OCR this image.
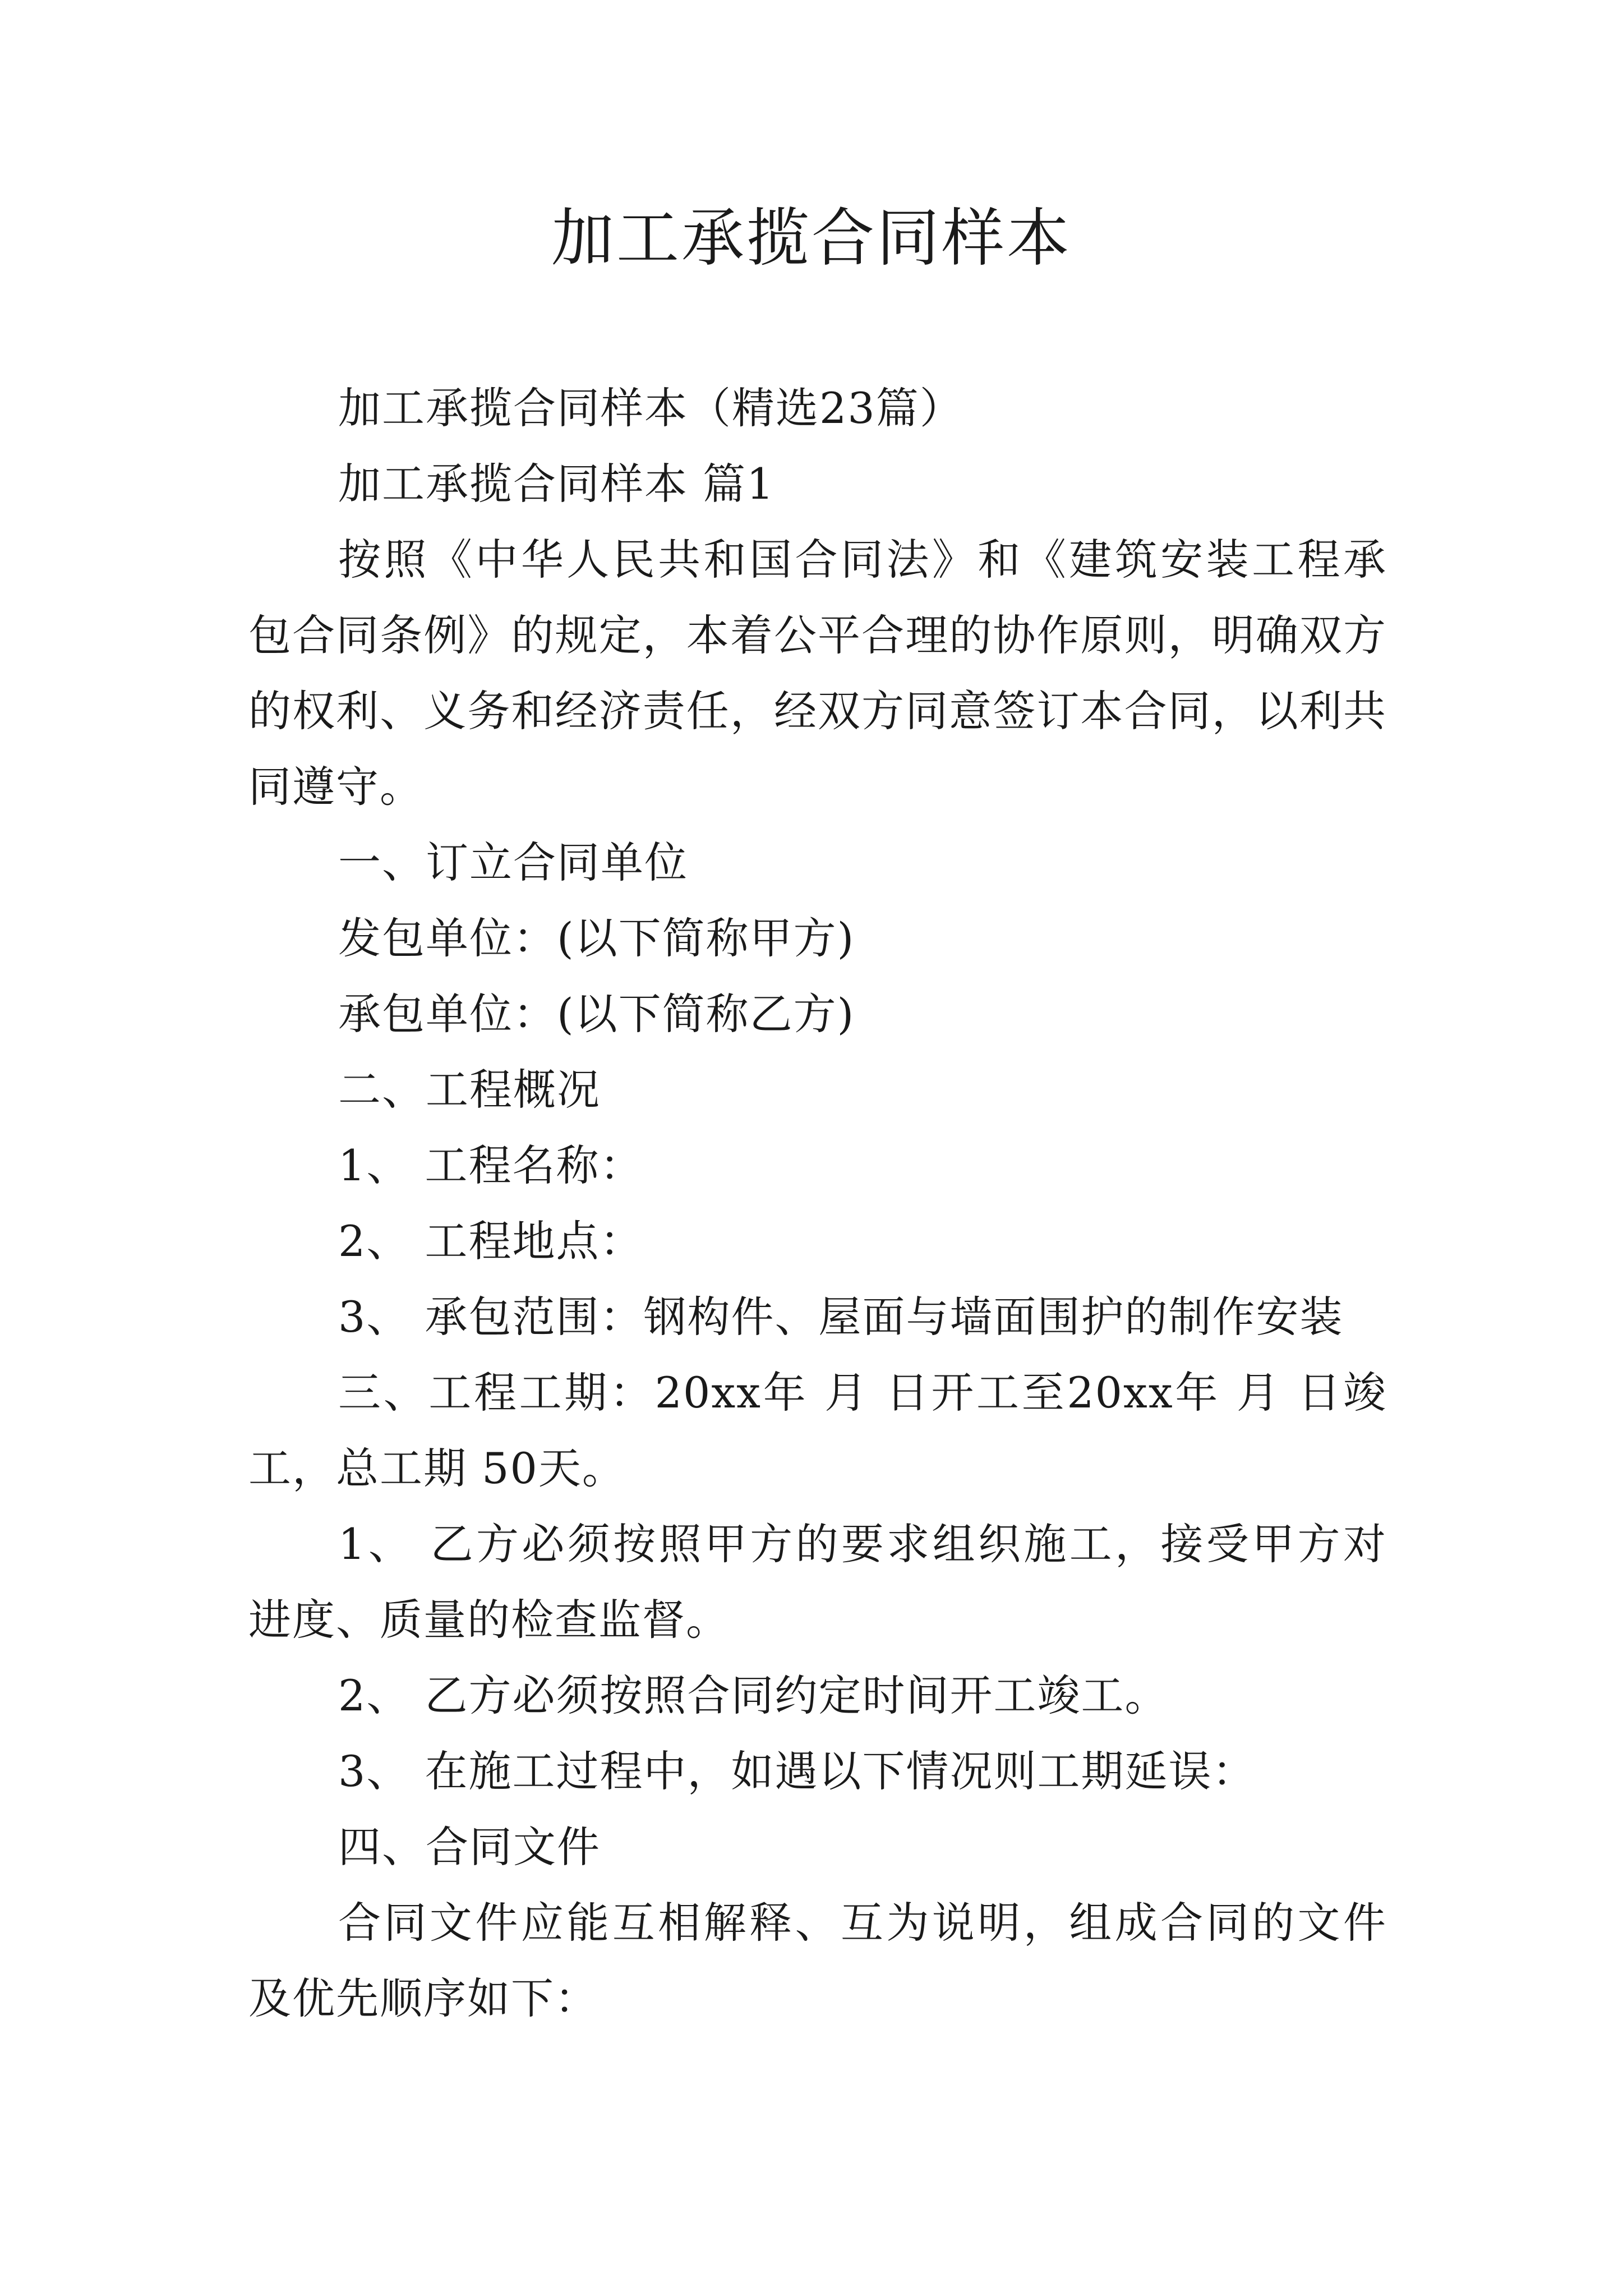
加工承揽合同样本

加工承揽合同样本（精选23篇）

加工承揽合同样本 篇1

按照《中华人民共和国合同法》和《建筑安装工程承包合同条例》的规定，本着公平合理的协作原则，明确双方的权利、义务和经济责任，经双方同意签订本合同，以利共同遵守。

一、订立合同单位

发包单位：(以下简称甲方)

承包单位：(以下简称乙方)

二、工程概况

1、 工程名称：

2、 工程地点：

3、 承包范围：钢构件、屋面与墙面围护的制作安装

三、工程工期：20xx年 月 日开工至20xx年 月 日竣工，总工期 50天。

1、 乙方必须按照甲方的要求组织施工，接受甲方对进度、质量的检查监督。

2、 乙方必须按照合同约定时间开工竣工。

3、 在施工过程中，如遇以下情况则工期延误：

四、合同文件

合同文件应能互相解释、互为说明，组成合同的文件及优先顺序如下：
